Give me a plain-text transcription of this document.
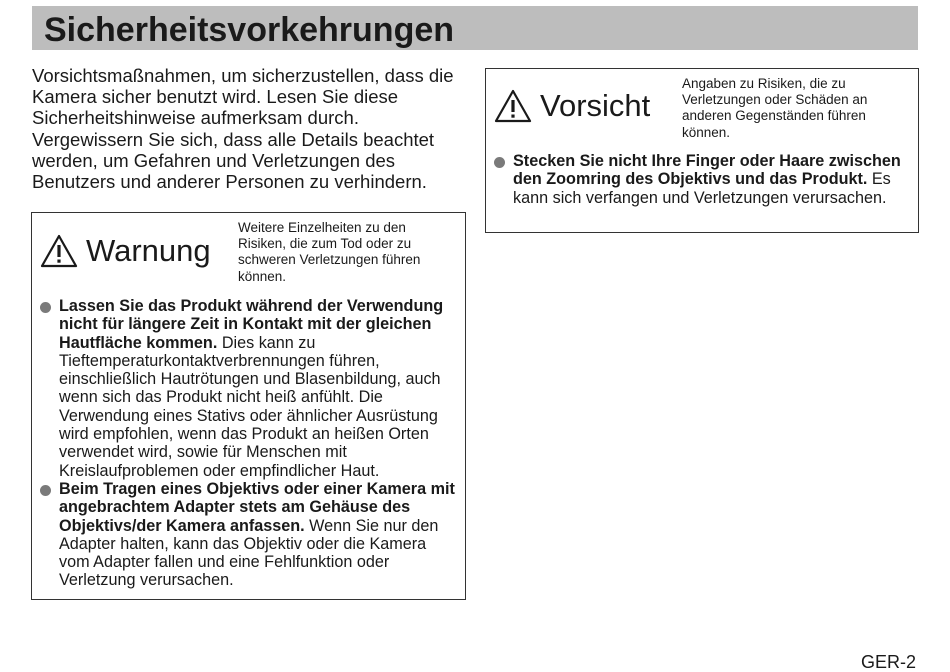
Sicherheitsvorkehrungen

Vorsichtsmaßnahmen, um sicherzustellen, dass die Kamera sicher benutzt wird. Lesen Sie diese Sicherheitshinweise aufmerksam durch. Vergewissern Sie sich, dass alle Details beachtet werden, um Gefahren und Verletzungen des Benutzers und anderer Personen zu verhindern.

Warnung

Weitere Einzelheiten zu den Risiken, die zum Tod oder zu schweren Verletzungen führen können.

Lassen Sie das Produkt während der Verwendung nicht für längere Zeit in Kontakt mit der gleichen Hautfläche kommen. Dies kann zu Tieftemperaturkontaktverbrennungen führen, einschließlich Hautrötungen und Blasenbildung, auch wenn sich das Produkt nicht heiß anfühlt. Die Verwendung eines Stativs oder ähnlicher Ausrüstung wird empfohlen, wenn das Produkt an heißen Orten verwendet wird, sowie für Menschen mit Kreislaufproblemen oder empfindlicher Haut.
Beim Tragen eines Objektivs oder einer Kamera mit angebrachtem Adapter stets am Gehäuse des Objektivs/der Kamera anfassen. Wenn Sie nur den Adapter halten, kann das Objektiv oder die Kamera vom Adapter fallen und eine Fehlfunktion oder Verletzung verursachen.
Vorsicht

Angaben zu Risiken, die zu Verletzungen oder Schäden an anderen Gegenständen führen können.

Stecken Sie nicht Ihre Finger oder Haare zwischen den Zoomring des Objektivs und das Produkt. Es kann sich verfangen und Verletzungen verursachen.
GER-2
